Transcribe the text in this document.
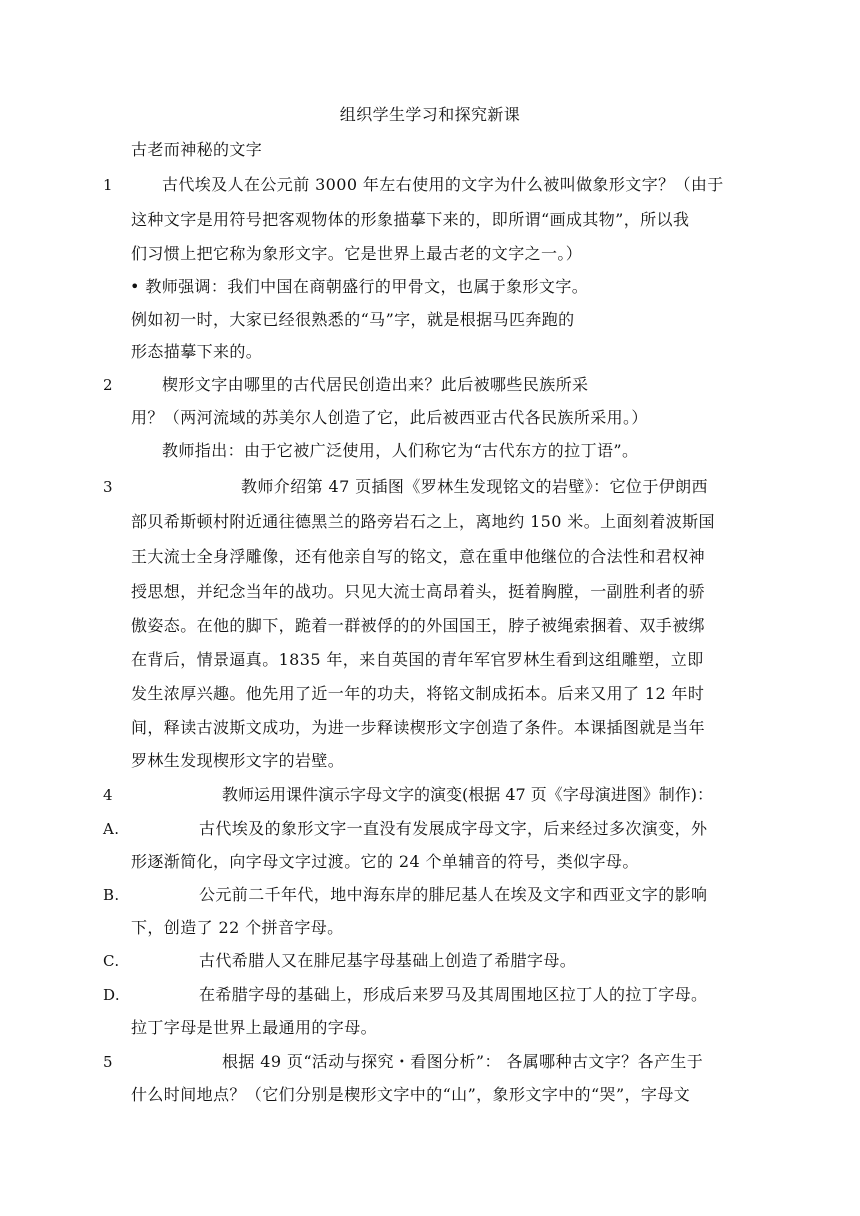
组织学生学习和探究新课
古老而神秘的文字
1	古代埃及人在公元前 3000 年左右使用的文字为什么被叫做象形文字？（由于
这种文字是用符号把客观物体的形象描摹下来的，即所谓“画成其物”，所以我
们习惯上把它称为象形文字。它是世界上最古老的文字之一。）
• 教师强调：我们中国在商朝盛行的甲骨文，也属于象形文字。
例如初一时，大家已经很熟悉的“马”字，就是根据马匹奔跑的
形态描摹下来的。
2	楔形文字由哪里的古代居民创造出来？此后被哪些民族所采
用？（两河流域的苏美尔人创造了它，此后被西亚古代各民族所采用。）
教师指出：由于它被广泛使用，人们称它为“古代东方的拉丁语”。
3	教师介绍第 47 页插图《罗林生发现铭文的岩壁》：它位于伊朗西
部贝希斯顿村附近通往德黑兰的路旁岩石之上，离地约 150 米。上面刻着波斯国
王大流士全身浮雕像，还有他亲自写的铭文，意在重申他继位的合法性和君权神
授思想，并纪念当年的战功。只见大流士高昂着头，挺着胸膛，一副胜利者的骄
傲姿态。在他的脚下，跪着一群被俘的的外国国王，脖子被绳索捆着、双手被绑
在背后，情景逼真。1835 年，来自英国的青年军官罗林生看到这组雕塑，立即
发生浓厚兴趣。他先用了近一年的功夫，将铭文制成拓本。后来又用了 12 年时
间，释读古波斯文成功，为进一步释读楔形文字创造了条件。本课插图就是当年
罗林生发现楔形文字的岩壁。
4	教师运用课件演示字母文字的演变(根据 47 页《字母演进图》制作)：
A.	古代埃及的象形文字一直没有发展成字母文字，后来经过多次演变，外
形逐渐简化，向字母文字过渡。它的 24 个单辅音的符号，类似字母。
B.	公元前二千年代，地中海东岸的腓尼基人在埃及文字和西亚文字的影响
下，创造了 22 个拼音字母。
C.	古代希腊人又在腓尼基字母基础上创造了希腊字母。
D.	在希腊字母的基础上，形成后来罗马及其周围地区拉丁人的拉丁字母。
拉丁字母是世界上最通用的字母。
5	根据 49 页“活动与探究・看图分析”： 各属哪种古文字？各产生于
什么时间地点？（它们分别是楔形文字中的“山”，象形文字中的“哭”，字母文
